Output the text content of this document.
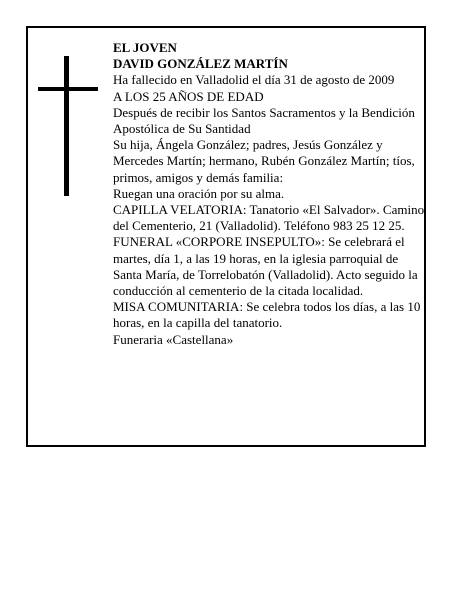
EL JOVEN

DAVID GONZÁLEZ MARTÍN

Ha fallecido en Valladolid el día 31 de agosto de 2009

A LOS 25 AÑOS DE EDAD

Después de recibir los Santos Sacramentos y la Bendición Apostólica de Su Santidad

Su hija, Ángela González; padres, Jesús González y Mercedes Martín; hermano, Rubén González Martín; tíos, primos, amigos y demás familia:

Ruegan una oración por su alma.

CAPILLA VELATORIA: Tanatorio «El Salvador». Camino del Cementerio, 21 (Valladolid). Teléfono 983 25 12 25.

FUNERAL «CORPORE INSEPULTO»: Se celebrará el martes, día 1, a las 19 horas, en la iglesia parroquial de Santa María, de Torrelobatón (Valladolid). Acto seguido la conducción al cementerio de la citada localidad.

MISA COMUNITARIA: Se celebra todos los días, a las 10 horas, en la capilla del tanatorio.

Funeraria «Castellana»
